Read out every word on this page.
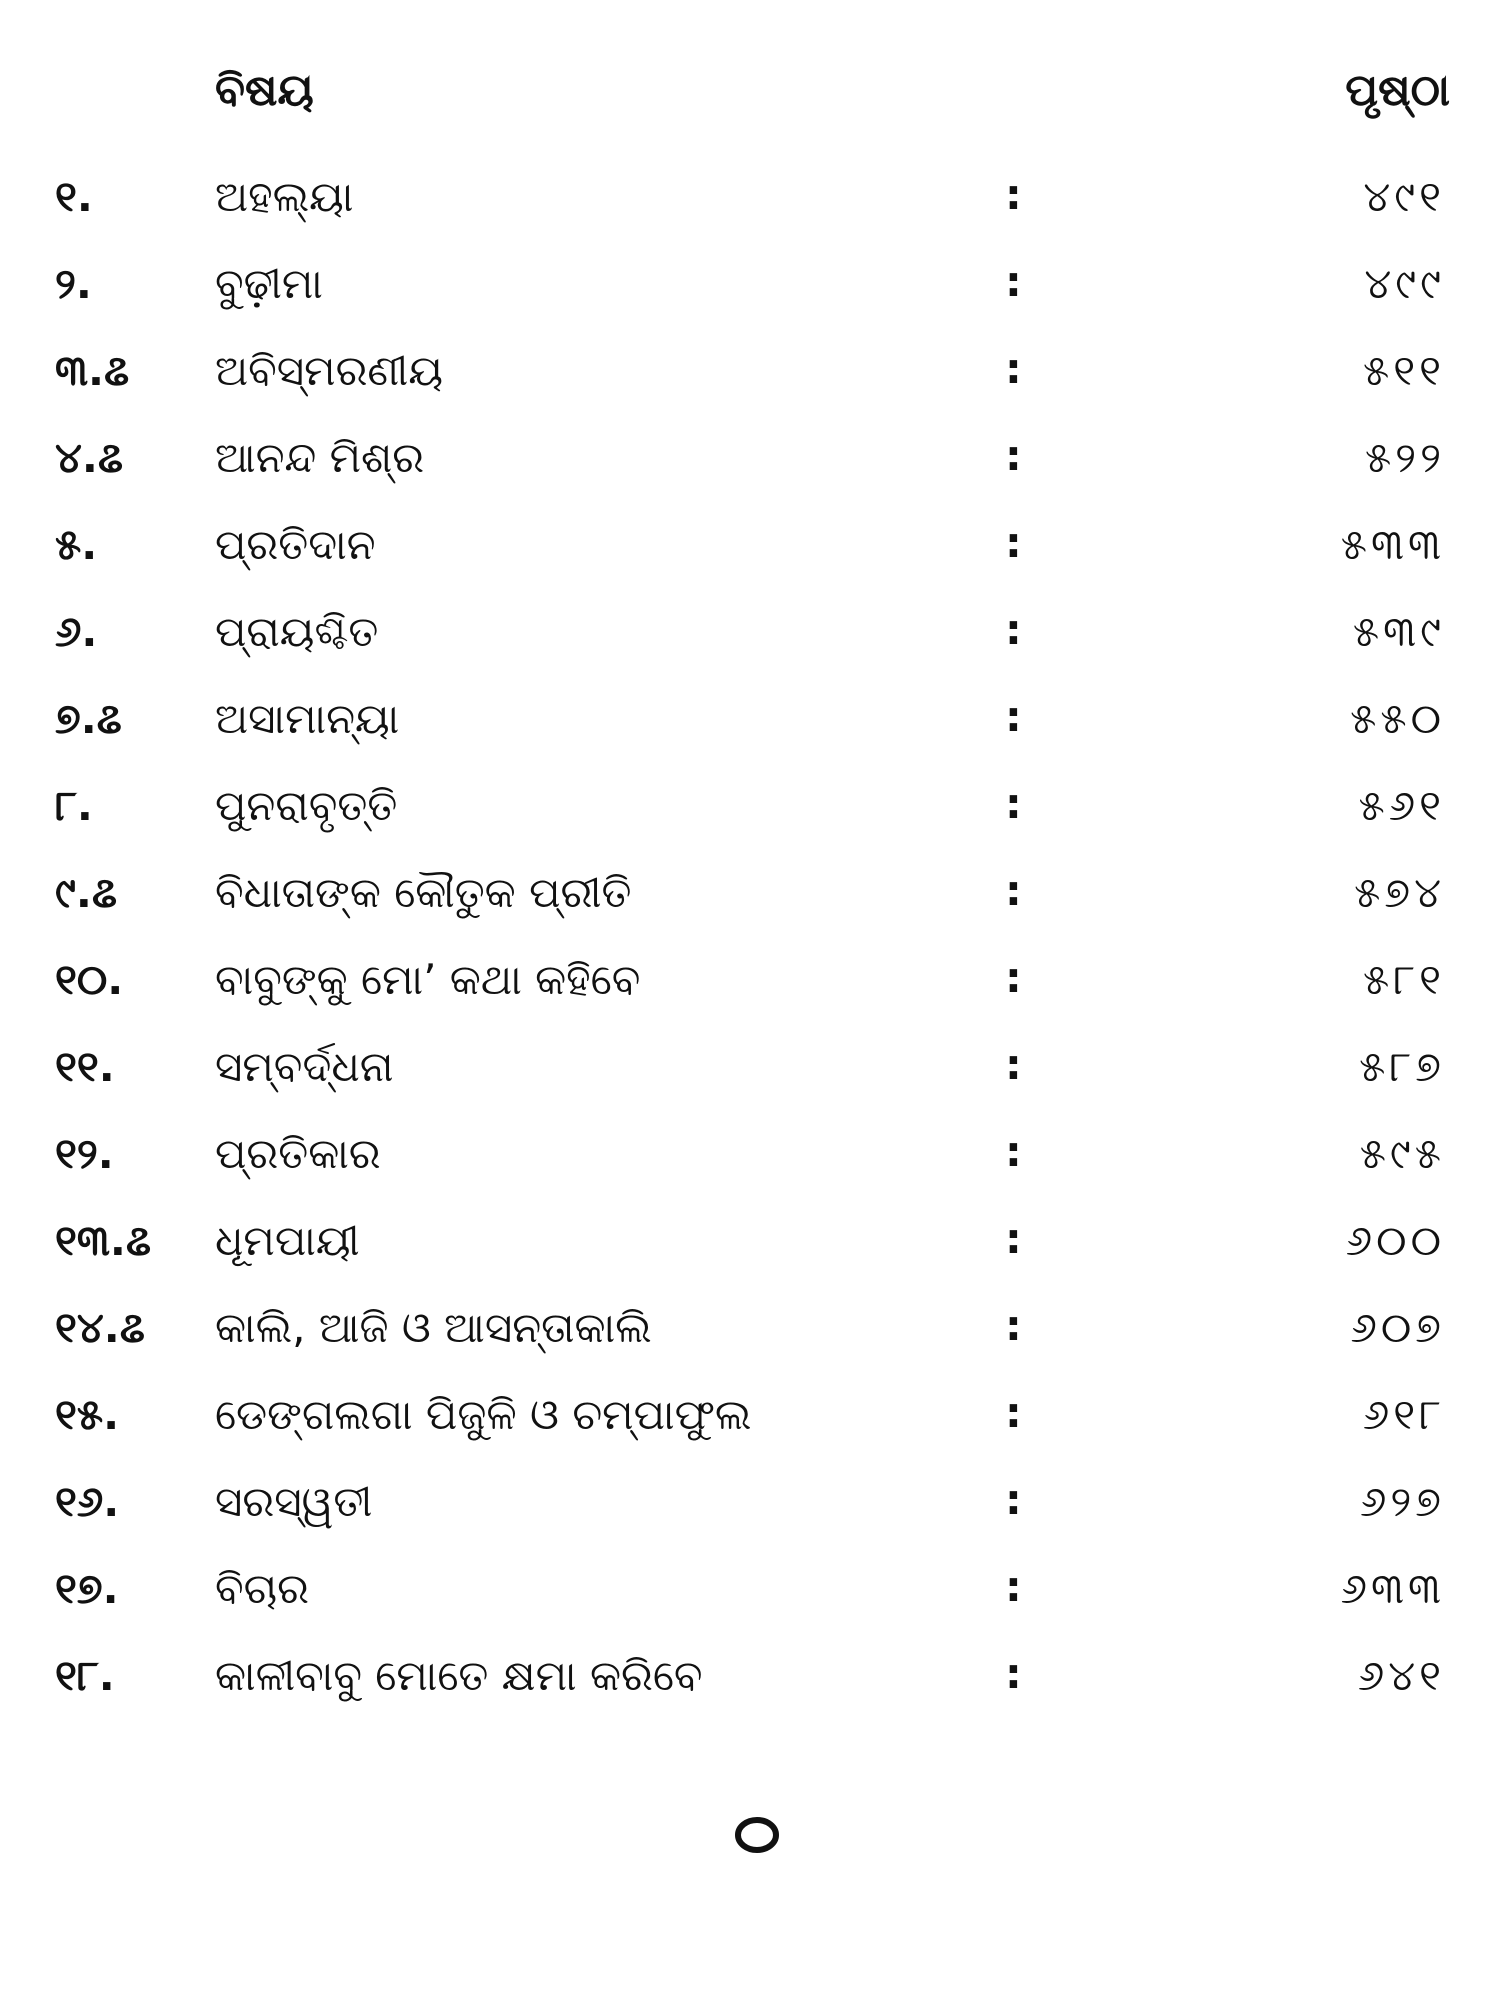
ବିଷୟ	ପୃଷ୍ଠା
୧.	ଅହଲ୍ୟା	:	୪୯୧
୨.	ବୁଢ଼ୀମା	:	୪୯୯
୩.ଌ ଅବିସ୍ମରଣୀୟ	:	୫୧୧
୪.ଌ ଆନନ୍ଦ ମିଶ୍ର	:	୫୨୨
୫.	ପ୍ରତିଦାନ	:	୫୩୩
୬.	ପ୍ରାୟଶ୍ଚିତ	:	୫୩୯
୭.ଌ ଅସାମାନ୍ୟା	:	୫୫୦
୮.	ପୁନରାବୃତ୍ତି	:	୫୬୧
୯.ଌ ବିଧାତାଙ୍କ କୌତୁକ ପ୍ରୀତି	:	୫୭୪
୧୦. ବାବୁଙ୍କୁ ମୋ’ କଥା କହିବେ	:	୫୮୧
୧୧. ସମ୍ବର୍ଦ୍ଧନା	:	୫୮୭
୧୨. ପ୍ରତିକାର	:	୫୯୫
୧୩.ଌ ଧୂମପାୟୀ	:	୬୦୦
୧୪.ଌ କାଲି, ଆଜି ଓ ଆସନ୍ତାକାଲି	:	୬୦୭
୧୫. ଡେଙ୍ଗଲଗା ପିଜୁଳି ଓ ଚମ୍ପାଫୁଲ	:	୬୧୮
୧୬. ସରସ୍ୱତୀ	:	୬୨୭
୧୭. ବିଚାର	:	୬୩୩
୧୮. କାଳୀବାବୁ ମୋତେ କ୍ଷମା କରିବେ	:	୬୪୧
